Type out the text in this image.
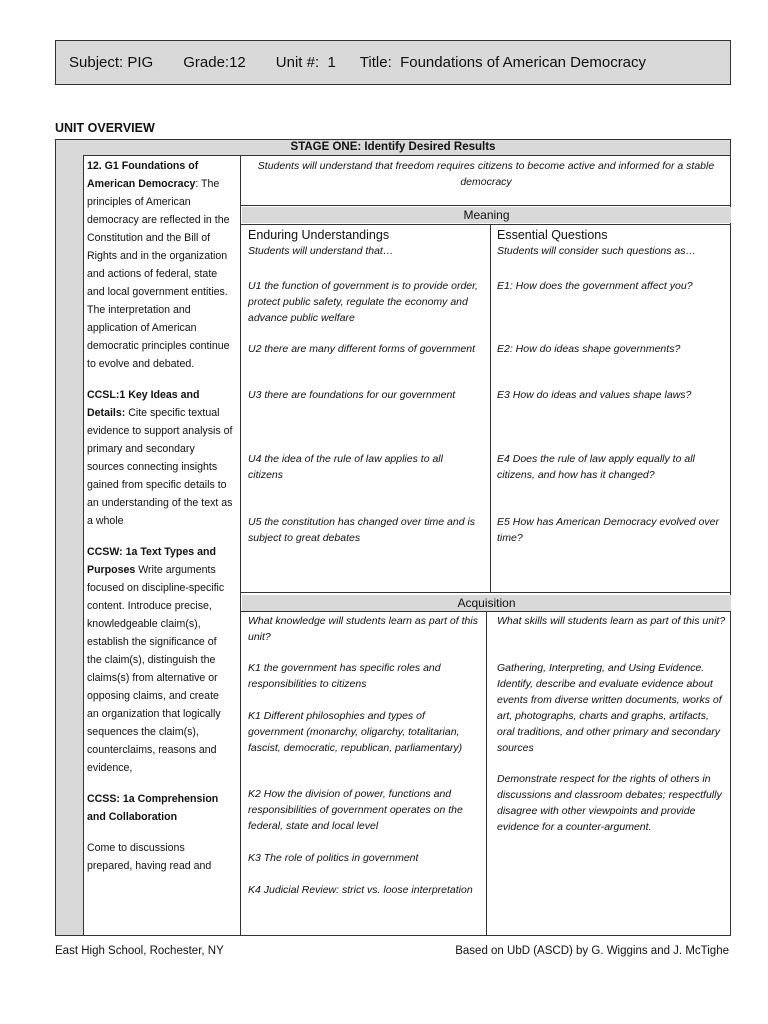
Subject: PIG Grade:12 Unit #:  1 Title:  Foundations of American Democracy
UNIT OVERVIEW
STAGE ONE: Identify Desired Results

12. G1 Foundations of American Democracy: The principles of American democracy are reflected in the Constitution and the Bill of Rights and in the organization and actions of federal, state and local government entities. The interpretation and application of American democratic principles continue to evolve and debated.

CCSL:1 Key Ideas and Details: Cite specific textual evidence to support analysis of primary and secondary sources connecting insights gained from specific details to an understanding of the text as a whole

CCSW: 1a Text Types and Purposes Write arguments focused on discipline-specific content. Introduce precise, knowledgeable claim(s), establish the significance of the claim(s), distinguish the claims(s) from alternative or opposing claims, and create an organization that logically sequences the claim(s), counterclaims, reasons and evidence,

CCSS: 1a Comprehension and Collaboration

Come to discussions prepared, having read and

Meaning
Acquisition
Students will understand that freedom requires citizens to become active and informed for a stable democracy

Enduring Understandings

Students will understand that…

U1 the function of government is to provide order, protect public safety, regulate the economy and advance public welfare
U2 there are many different forms of government
U3 there are foundations for our government
U4 the idea of the rule of law applies to all citizens
U5 the constitution has changed over time and is subject to great debates

Essential Questions

Students will consider such questions as…

E1: How does the government affect you?
E2: How do ideas shape governments?
E3 How do ideas and values shape laws?
E4 Does the rule of law apply equally to all citizens, and how has it changed?
E5 How has American Democracy evolved over time?
What knowledge will students learn as part of this unit?
K1 the government has specific roles and responsibilities to citizens
K1 Different philosophies and types of government (monarchy, oligarchy, totalitarian, fascist, democratic, republican, parliamentary)
K2 How the division of power, functions and responsibilities of government operates on the federal, state and local level
K3 The role of politics in government
K4 Judicial Review: strict vs. loose interpretation
What skills will students learn as part of this unit?
Gathering, Interpreting, and Using Evidence. Identify, describe and evaluate evidence about events from diverse written documents, works of art, photographs, charts and graphs, artifacts, oral traditions, and other primary and secondary sources
Demonstrate respect for the rights of others in discussions and classroom debates; respectfully disagree with other viewpoints and provide evidence for a counter-argument.
East High School, Rochester, NY	Based on UbD (ASCD) by G. Wiggins and J. McTighe
